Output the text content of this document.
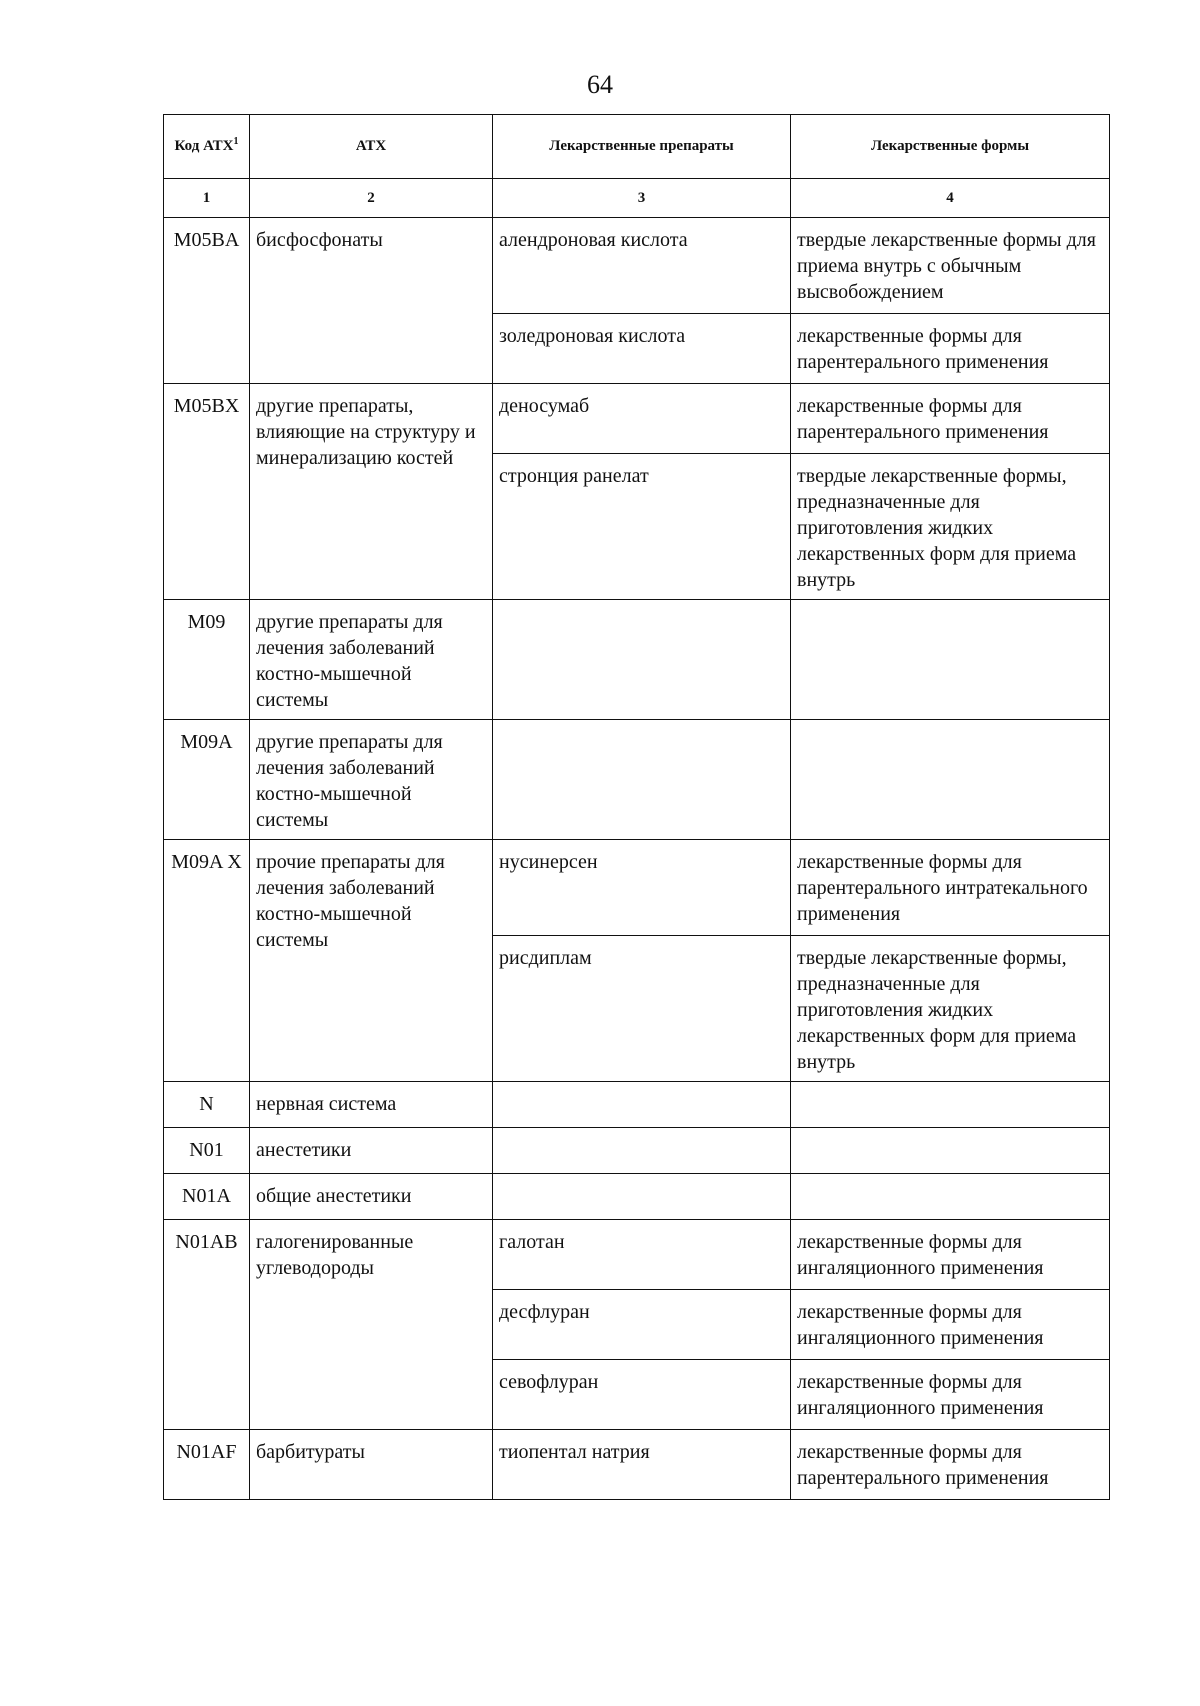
64
Код АТХ$^1$	АТХ	Лекарственные препараты	Лекарственные формы
1	2	3	4
M05BA	бисфосфонаты	алендроновая кислота	твердые лекарственные формы для приема внутрь с обычным высвобождением
		золедроновая кислота	лекарственные формы для парентерального применения
M05BX	другие препараты, влияющие на структуру и минерализацию костей	деносумаб	лекарственные формы для парентерального применения
		стронция ранелат	твердые лекарственные формы, предназначенные для приготовления жидких лекарственных форм для приема внутрь
M09	другие препараты для лечения заболеваний костно-мышечной системы		
M09A	другие препараты для лечения заболеваний костно-мышечной системы		
M09A X	прочие препараты для лечения заболеваний костно-мышечной системы	нусинерсен	лекарственные формы для парентерального интратекального применения
		рисдиплам	твердые лекарственные формы, предназначенные для приготовления жидких лекарственных форм для приема внутрь
N	нервная система		
N01	анестетики		
N01A	общие анестетики		
N01AB	галогенированные углеводороды	галотан	лекарственные формы для ингаляционного применения
		десфлуран	лекарственные формы для ингаляционного применения
		севофлуран	лекарственные формы для ингаляционного применения
N01AF	барбитураты	тиопентал натрия	лекарственные формы для парентерального применения
